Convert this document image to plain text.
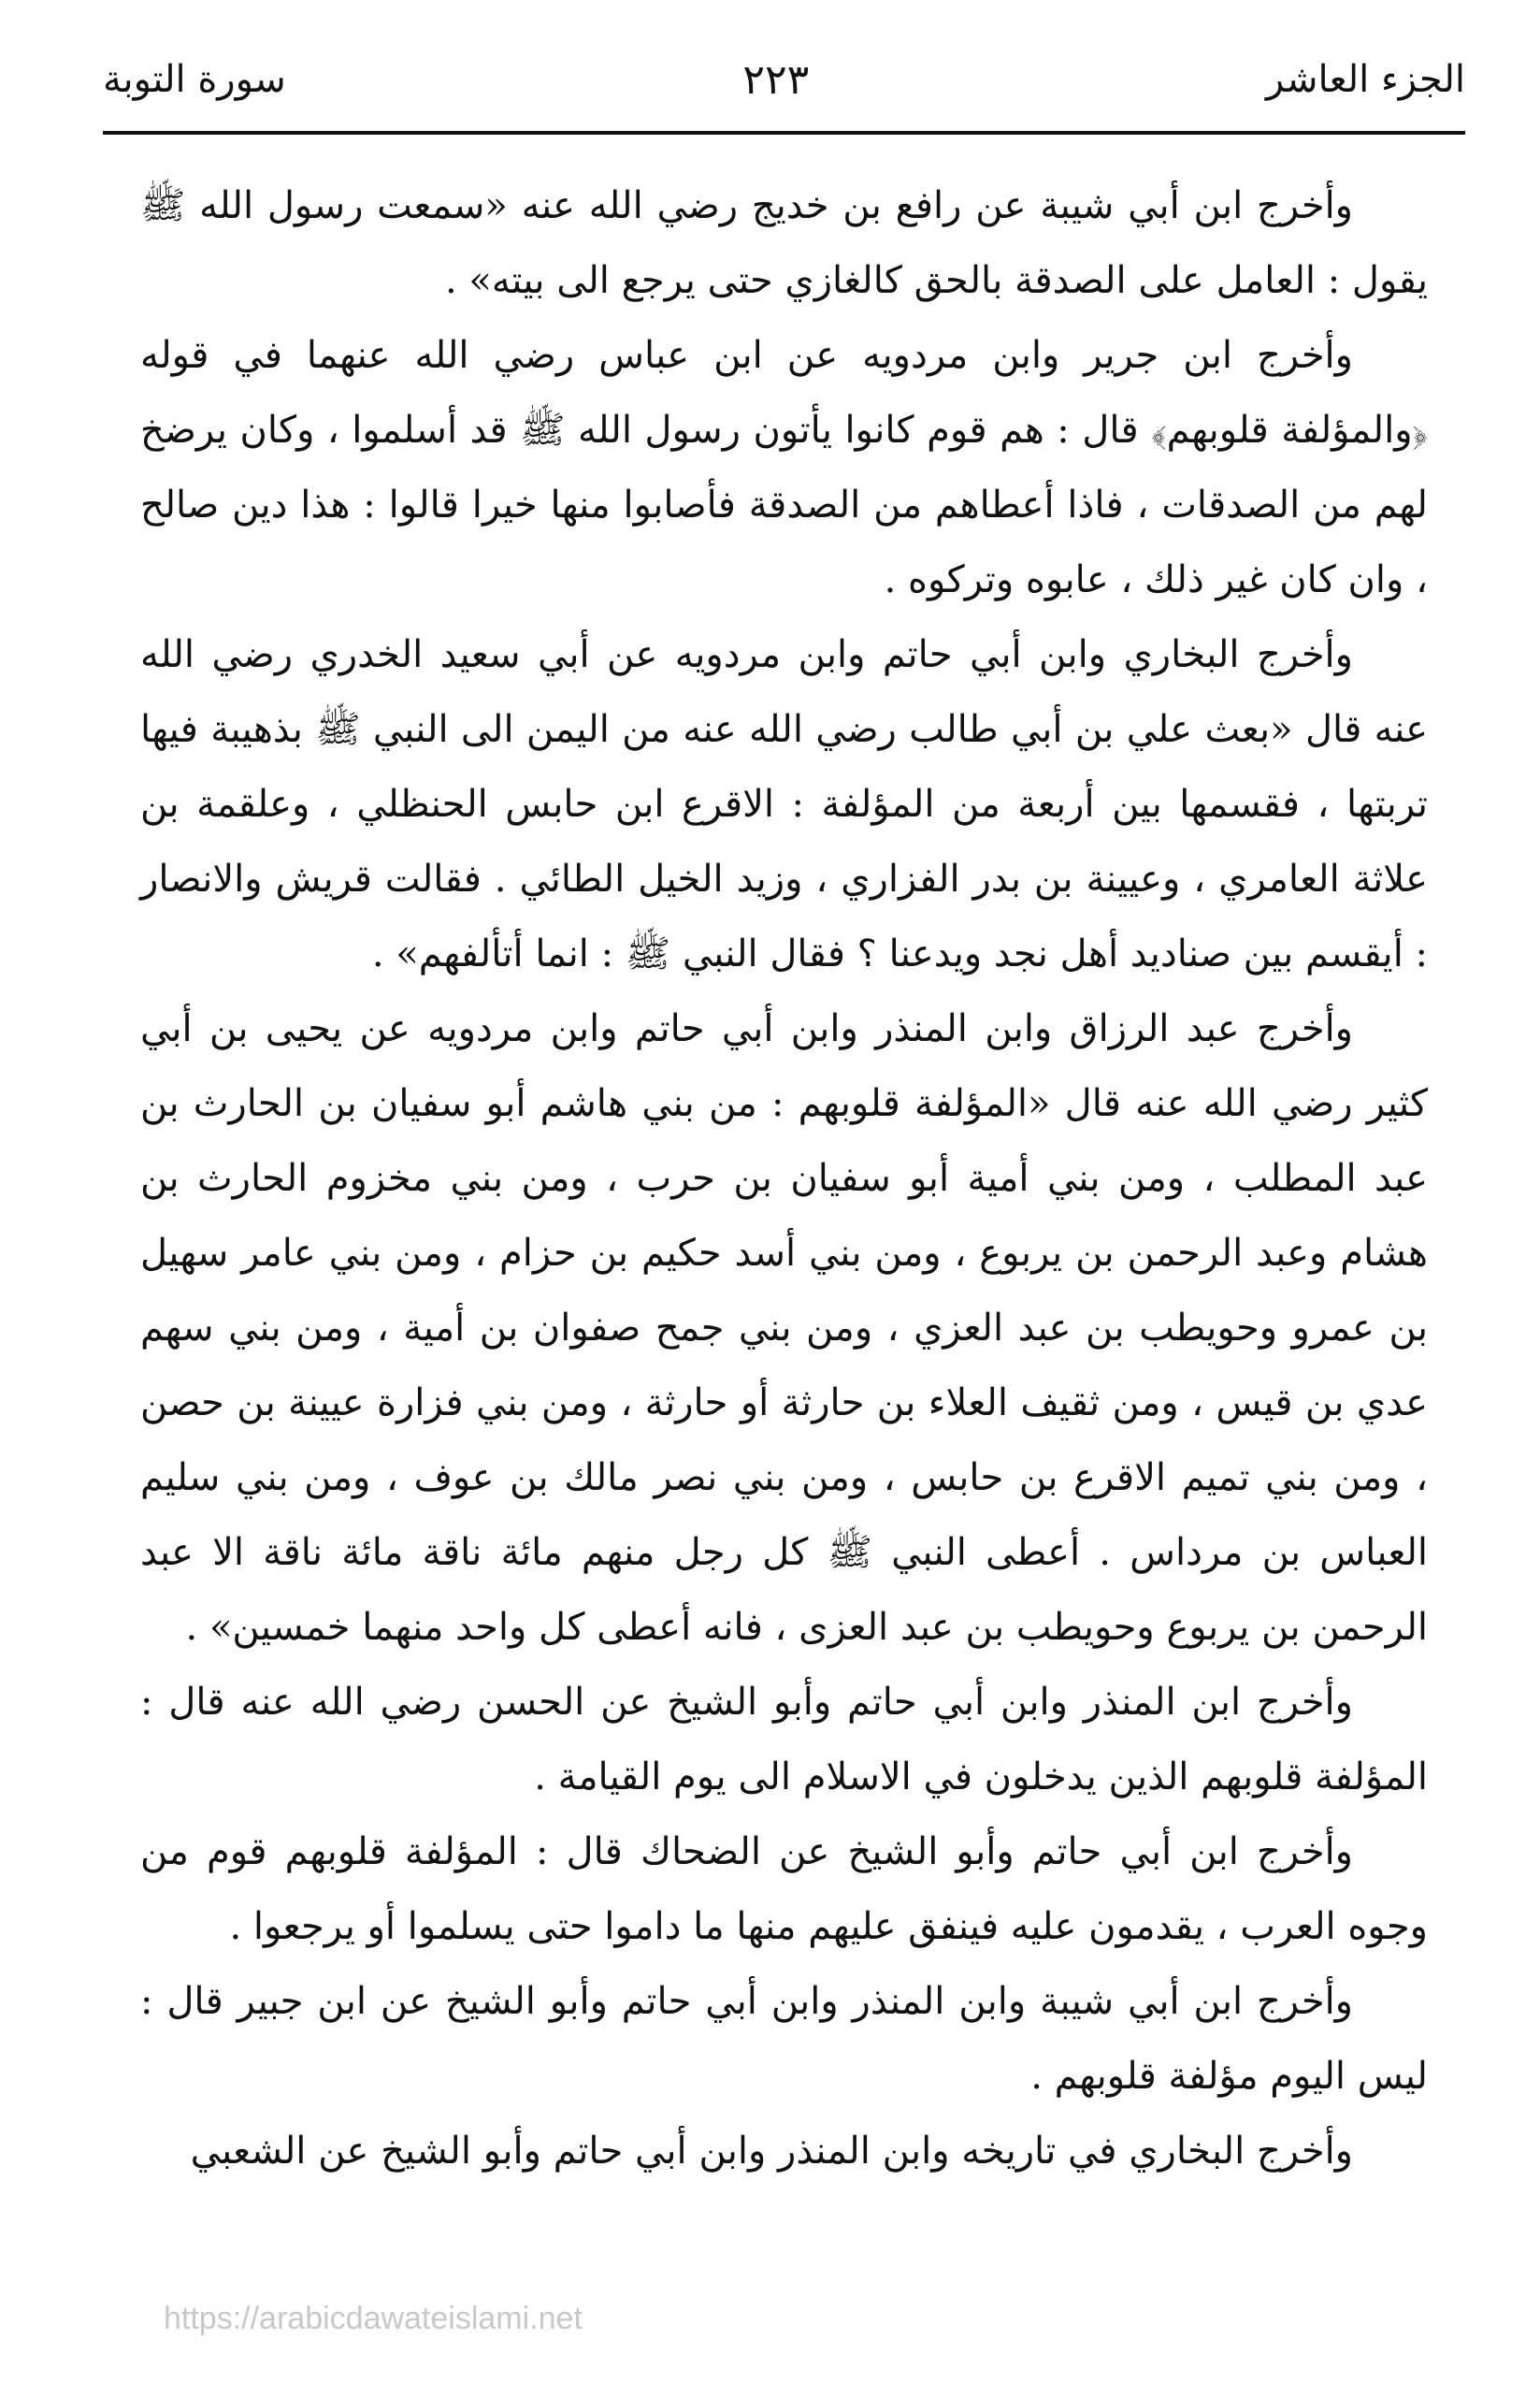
الجزء العاشر
٢٢٣
سورة التوبة

وأخرج ابن أبي شيبة عن رافع بن خديج رضي الله عنه «سمعت رسول الله ﷺ يقول : العامل على الصدقة بالحق كالغازي حتى يرجع الى بيته» .

وأخرج ابن جرير وابن مردويه عن ابن عباس رضي الله عنهما في قوله ﴿والمؤلفة قلوبهم﴾ قال : هم قوم كانوا يأتون رسول الله ﷺ قد أسلموا ، وكان يرضخ لهم من الصدقات ، فاذا أعطاهم من الصدقة فأصابوا منها خيرا قالوا : هذا دين صالح ، وان كان غير ذلك ، عابوه وتركوه .

وأخرج البخاري وابن أبي حاتم وابن مردويه عن أبي سعيد الخدري رضي الله عنه قال «بعث علي بن أبي طالب رضي الله عنه من اليمن الى النبي ﷺ بذهيبة فيها تربتها ، فقسمها بين أربعة من المؤلفة : الاقرع ابن حابس الحنظلي ، وعلقمة بن علاثة العامري ، وعيينة بن بدر الفزاري ، وزيد الخيل الطائي . فقالت قريش والانصار : أيقسم بين صناديد أهل نجد ويدعنا ؟ فقال النبي ﷺ : انما أتألفهم» .

وأخرج عبد الرزاق وابن المنذر وابن أبي حاتم وابن مردويه عن يحيى بن أبي كثير رضي الله عنه قال «المؤلفة قلوبهم : من بني هاشم أبو سفيان بن الحارث بن عبد المطلب ، ومن بني أمية أبو سفيان بن حرب ، ومن بني مخزوم الحارث بن هشام وعبد الرحمن بن يربوع ، ومن بني أسد حكيم بن حزام ، ومن بني عامر سهيل بن عمرو وحويطب بن عبد العزي ، ومن بني جمح صفوان بن أمية ، ومن بني سهم عدي بن قيس ، ومن ثقيف العلاء بن حارثة أو حارثة ، ومن بني فزارة عيينة بن حصن ، ومن بني تميم الاقرع بن حابس ، ومن بني نصر مالك بن عوف ، ومن بني سليم العباس بن مرداس . أعطى النبي ﷺ كل رجل منهم مائة ناقة مائة ناقة الا عبد الرحمن بن يربوع وحويطب بن عبد العزى ، فانه أعطى كل واحد منهما خمسين» .

وأخرج ابن المنذر وابن أبي حاتم وأبو الشيخ عن الحسن رضي الله عنه قال : المؤلفة قلوبهم الذين يدخلون في الاسلام الى يوم القيامة .

وأخرج ابن أبي حاتم وأبو الشيخ عن الضحاك قال : المؤلفة قلوبهم قوم من وجوه العرب ، يقدمون عليه فينفق عليهم منها ما داموا حتى يسلموا أو يرجعوا .

وأخرج ابن أبي شيبة وابن المنذر وابن أبي حاتم وأبو الشيخ عن ابن جبير قال : ليس اليوم مؤلفة قلوبهم .

وأخرج البخاري في تاريخه وابن المنذر وابن أبي حاتم وأبو الشيخ عن الشعبي

https://arabicdawateislami.net
